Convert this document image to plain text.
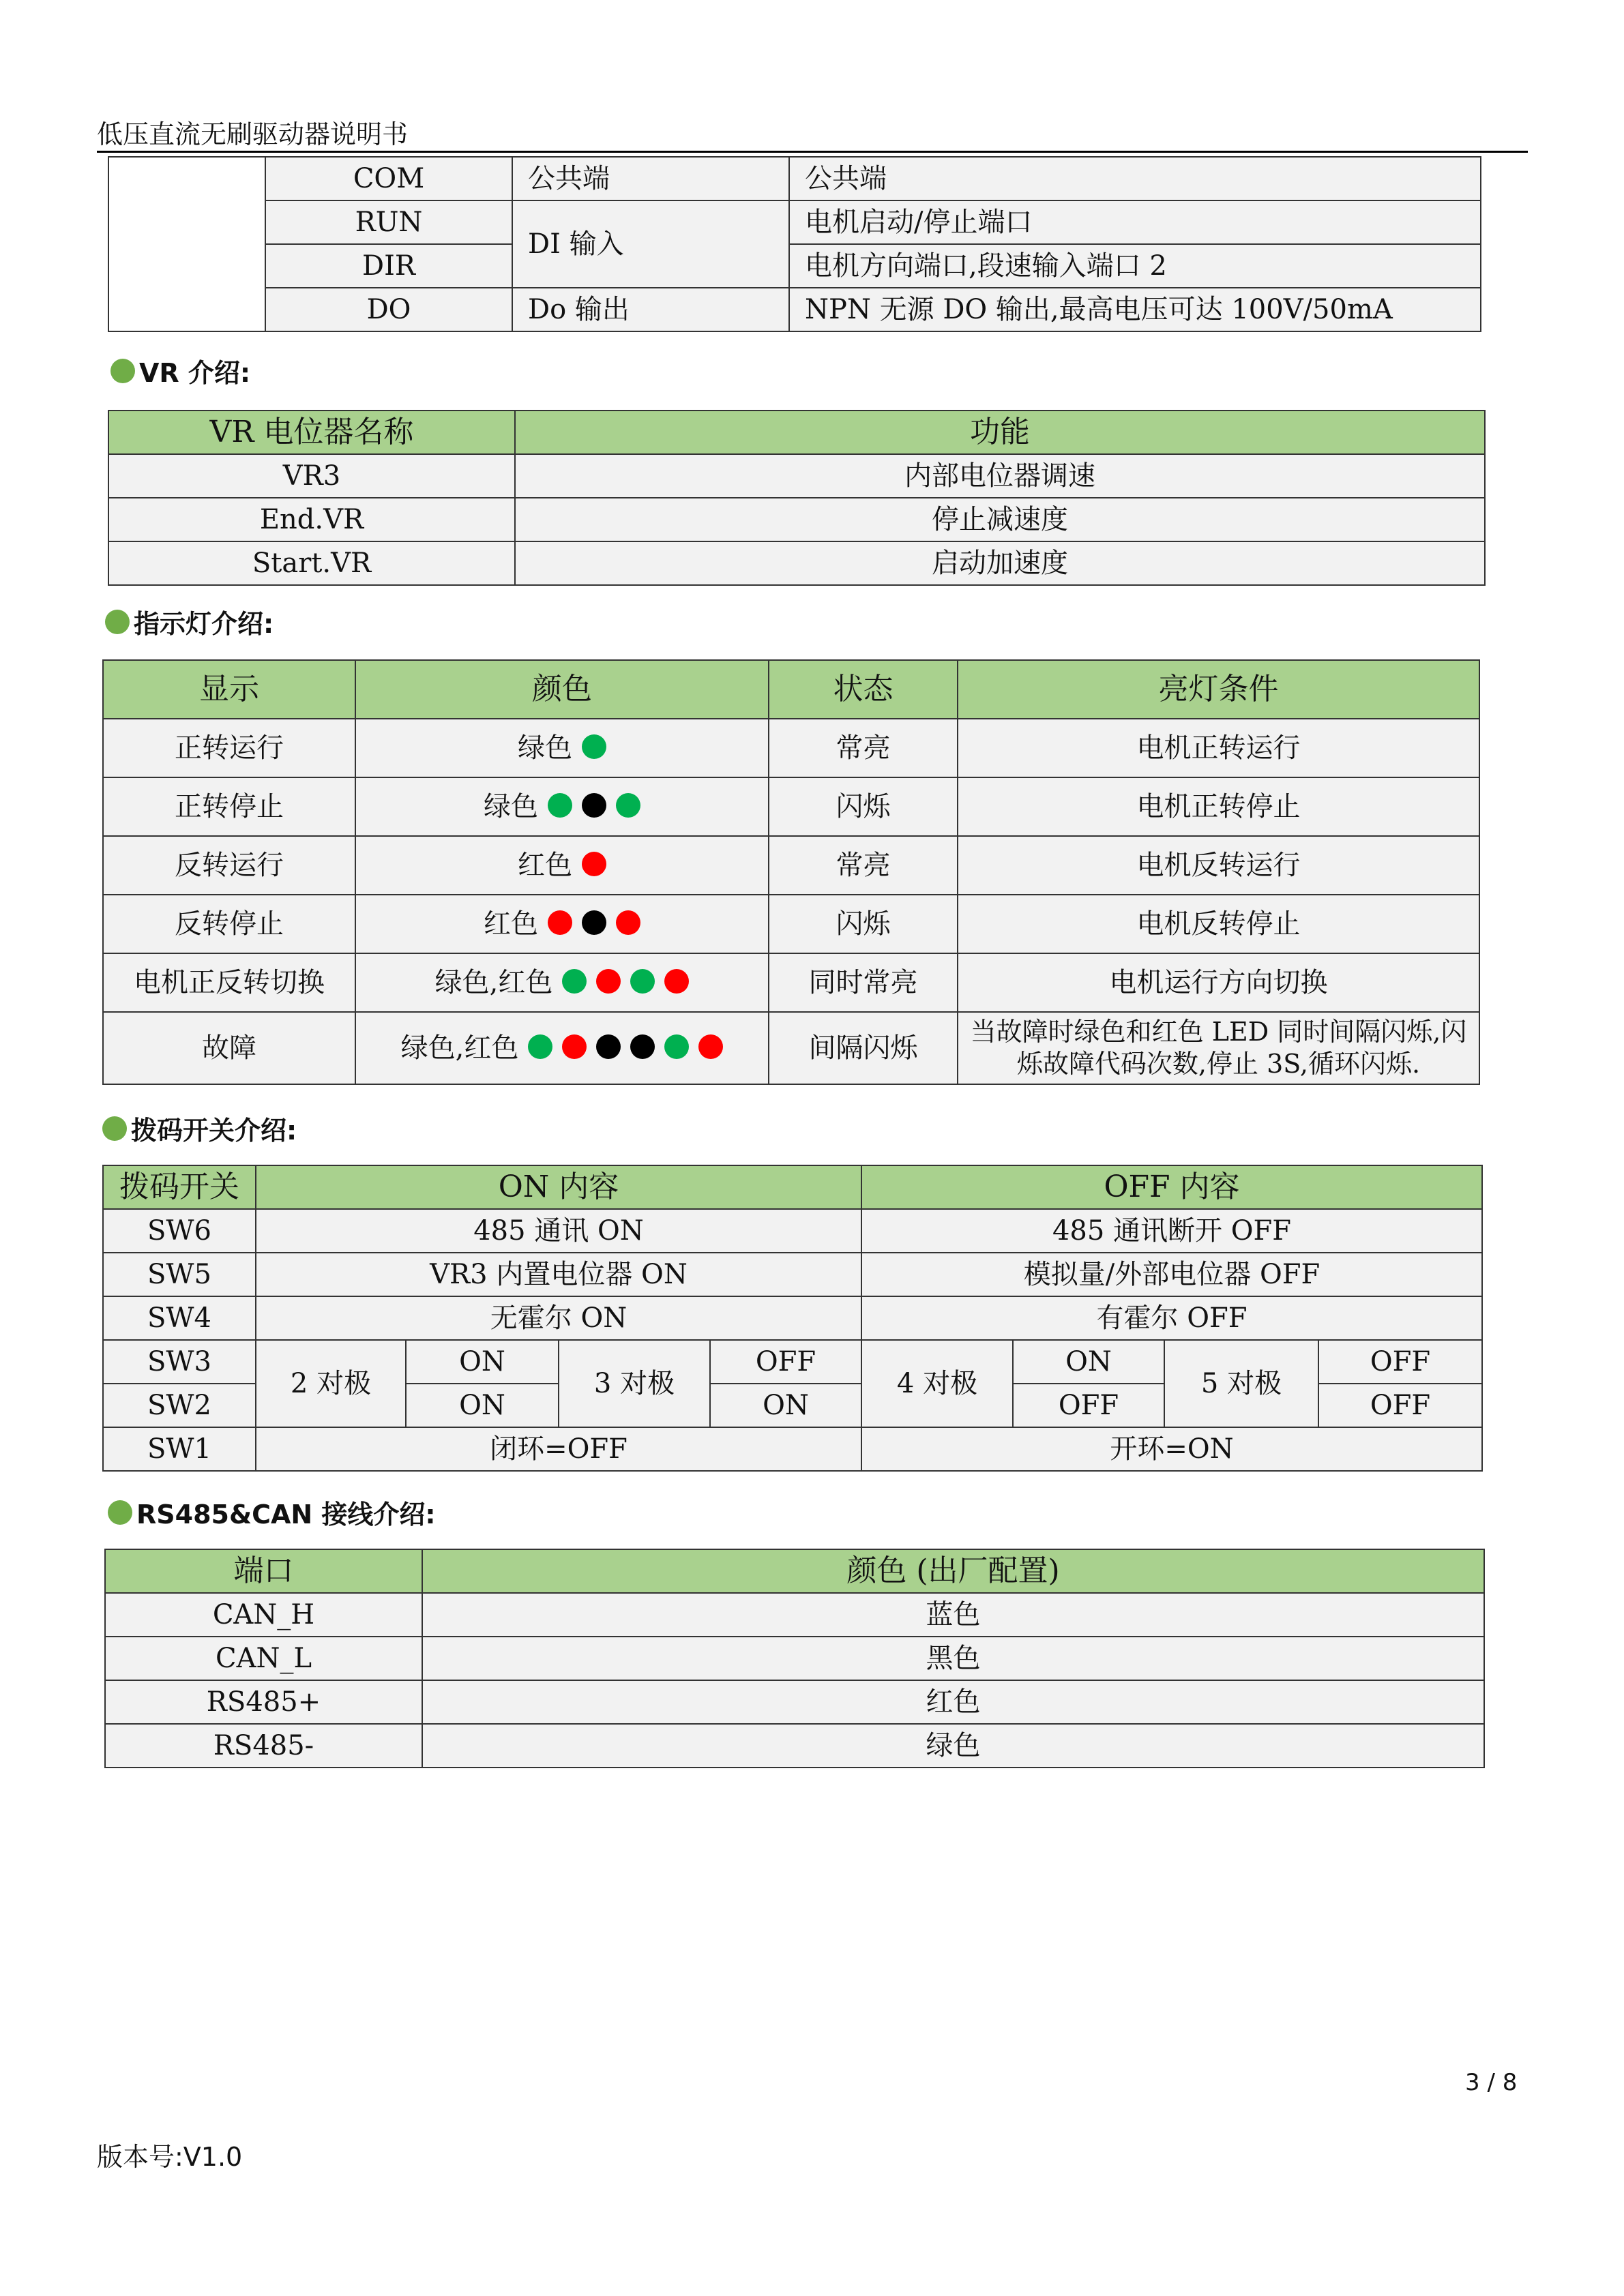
低压直流无刷驱动器说明书
	COM	公共端	公共端
	RUN	DI 输入	电机启动/停止端口
	DIR		电机方向端口,段速输入端口 2
	DO	Do 输出	NPN 无源 DO 输出,最高电压可达 100V/50mA
VR 介绍:
VR 电位器名称	功能
VR3	内部电位器调速
End.VR	停止减速度
Start.VR	启动加速度
指示灯介绍:
显示	颜色	状态	亮灯条件
正转运行	绿色	常亮	电机正转运行
正转停止	绿色	闪烁	电机正转停止
反转运行	红色	常亮	电机反转运行
反转停止	红色	闪烁	电机反转停止
电机正反转切换	绿色,红色	同时常亮	电机运行方向切换
故障	绿色,红色	间隔闪烁	当故障时绿色和红色 LED 同时间隔闪烁,闪烁故障代码次数,停止 3S,循环闪烁.
拨码开关介绍:
拨码开关	ON 内容				OFF 内容			
SW6	485 通讯 ON				485 通讯断开 OFF			
SW5	VR3 内置电位器 ON				模拟量/外部电位器 OFF			
SW4	无霍尔 ON				有霍尔 OFF			
SW3	2 对极	ON	3 对极	OFF	4 对极	ON	5 对极	OFF
SW2		ON		ON		OFF		OFF
SW1	闭环=OFF				开环=ON			
RS485&CAN 接线介绍:
端口	颜色 (出厂配置)
CAN_H	蓝色
CAN_L	黑色
RS485+	红色
RS485-	绿色
3 / 8
版本号:V1.0
